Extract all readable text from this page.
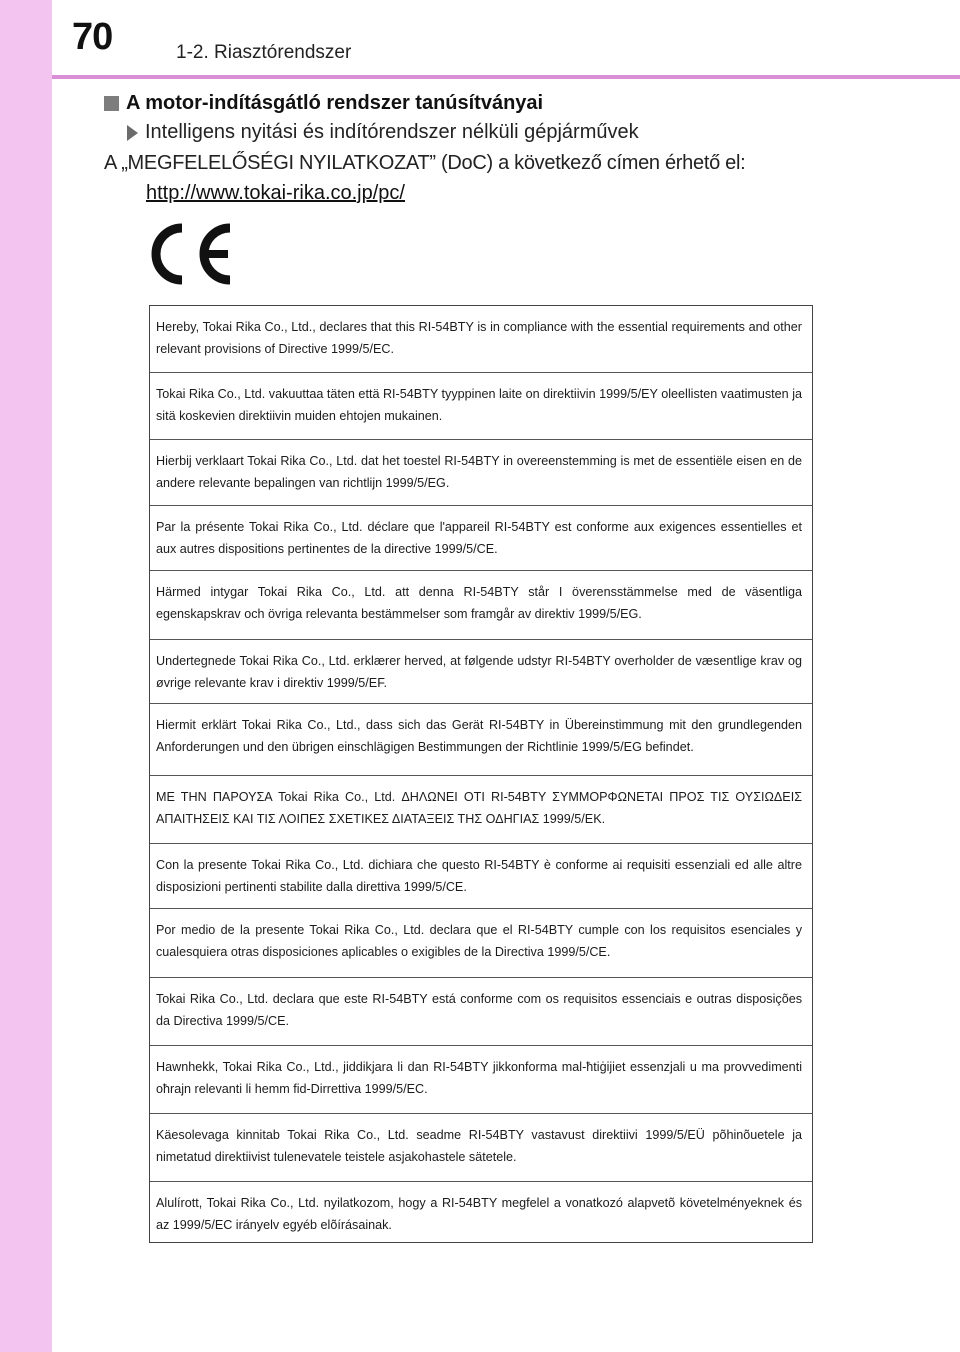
70	1-2. Riasztórendszer
A motor-indításgátló rendszer tanúsítványai
Intelligens nyitási és indítórendszer nélküli gépjárművek
A „MEGFELELŐSÉGI NYILATKOZAT” (DoC) a következő címen érhető el:
http://www.tokai-rika.co.jp/pc/
Hereby, Tokai Rika Co., Ltd., declares that this RI-54BTY is in compliance with the essential requirements and other relevant provisions of Directive 1999/5/EC.
Tokai Rika Co., Ltd. vakuuttaa täten että RI-54BTY tyyppinen laite on direktiivin 1999/5/EY oleellisten vaatimusten ja sitä koskevien direktiivin muiden ehtojen mukainen.
Hierbij verklaart Tokai Rika Co., Ltd. dat het toestel RI-54BTY in overeenstemming is met de essentiële eisen en de andere relevante bepalingen van richtlijn 1999/5/EG.
Par la présente Tokai Rika Co., Ltd. déclare que l'appareil RI-54BTY est conforme aux exigences essentielles et aux autres dispositions pertinentes de la directive 1999/5/CE.
Härmed intygar Tokai Rika Co., Ltd. att denna RI-54BTY står I överensstämmelse med de väsentliga egenskapskrav och övriga relevanta bestämmelser som framgår av direktiv 1999/5/EG.
Undertegnede Tokai Rika Co., Ltd. erklærer herved, at følgende udstyr RI-54BTY overholder de væsentlige krav og øvrige relevante krav i direktiv 1999/5/EF.
Hiermit erklärt Tokai Rika Co., Ltd., dass sich das Gerät RI-54BTY in Übereinstimmung mit den grundlegenden Anforderungen und den übrigen einschlägigen Bestimmungen der Richtlinie 1999/5/EG befindet.
ΜΕ ΤΗΝ ΠΑΡΟΥΣΑ Tokai Rika Co., Ltd. ΔΗΛΩΝΕΙ ΟΤΙ RI-54BTY ΣΥΜΜΟΡΦΩΝΕΤΑΙ ΠΡΟΣ ΤΙΣ ΟΥΣΙΩΔΕΙΣ ΑΠΑΙΤΗΣΕΙΣ ΚΑΙ ΤΙΣ ΛΟΙΠΕΣ ΣΧΕΤΙΚΕΣ ΔΙΑΤΑΞΕΙΣ ΤΗΣ ΟΔΗΓΙΑΣ 1999/5/ΕΚ.
Con la presente Tokai Rika Co., Ltd. dichiara che questo RI-54BTY è conforme ai requisiti essenziali ed alle altre disposizioni pertinenti stabilite dalla direttiva 1999/5/CE.
Por medio de la presente Tokai Rika Co., Ltd. declara que el RI-54BTY cumple con los requisitos esenciales y cualesquiera otras disposiciones aplicables o exigibles de la Directiva 1999/5/CE.
Tokai Rika Co., Ltd. declara que este RI-54BTY está conforme com os requisitos essenciais e outras disposições da Directiva 1999/5/CE.
Hawnhekk, Tokai Rika Co., Ltd., jiddikjara li dan RI-54BTY jikkonforma mal-ħtiġijiet essenzjali u ma provvedimenti oħrajn relevanti li hemm fid-Dirrettiva 1999/5/EC.
Käesolevaga kinnitab Tokai Rika Co., Ltd. seadme RI-54BTY vastavust direktiivi 1999/5/EÜ põhinõuetele ja nimetatud direktiivist tulenevatele teistele asjakohastele sätetele.
Alulírott, Tokai Rika Co., Ltd. nyilatkozom, hogy a RI-54BTY megfelel a vonatkozó alapvetõ követelményeknek és az 1999/5/EC irányelv egyéb elõírásainak.
